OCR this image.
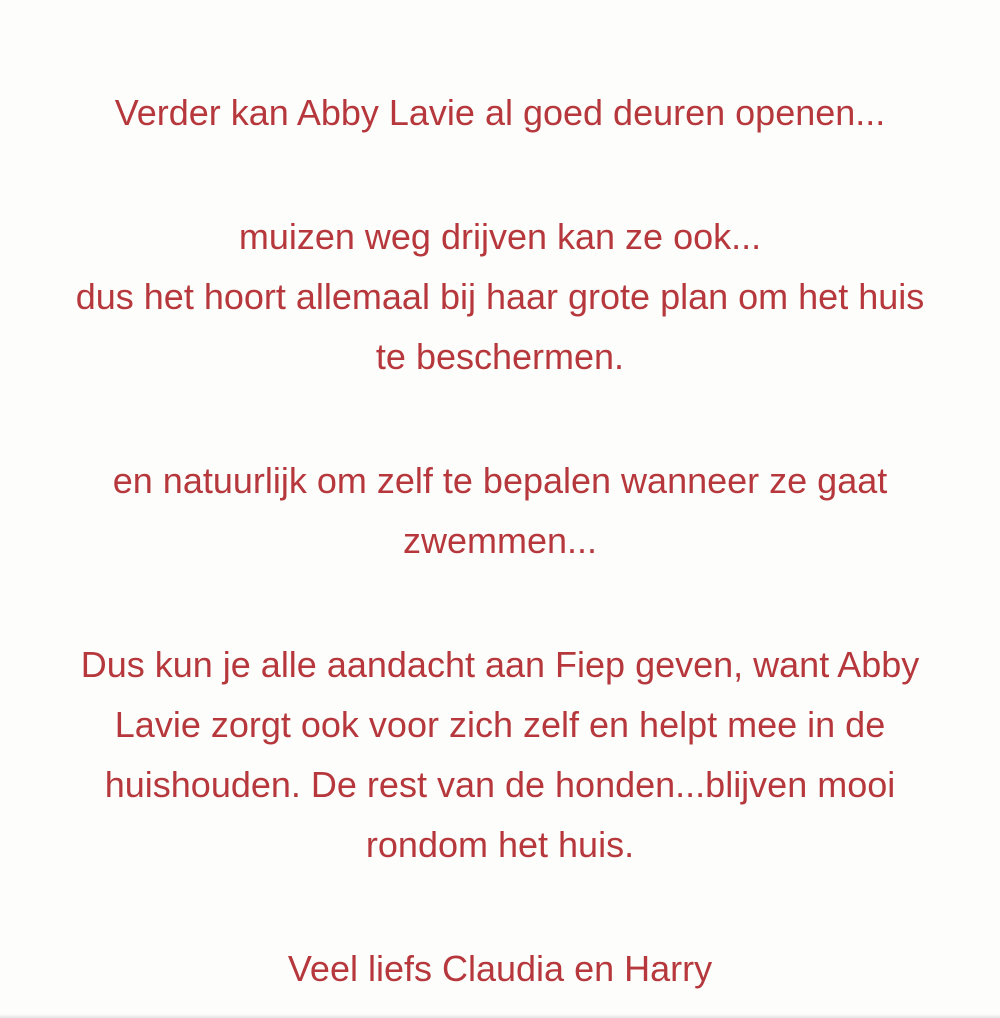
Verder kan Abby Lavie al goed deuren openen...

muizen weg drijven kan ze ook...
dus het hoort allemaal bij haar grote plan om het huis
te beschermen.

en natuurlijk om zelf te bepalen wanneer ze gaat
zwemmen...

Dus kun je alle aandacht aan Fiep geven, want Abby
Lavie zorgt ook voor zich zelf en helpt mee in de
huishouden. De rest van de honden...blijven mooi
rondom het huis.

Veel liefs Claudia en Harry
